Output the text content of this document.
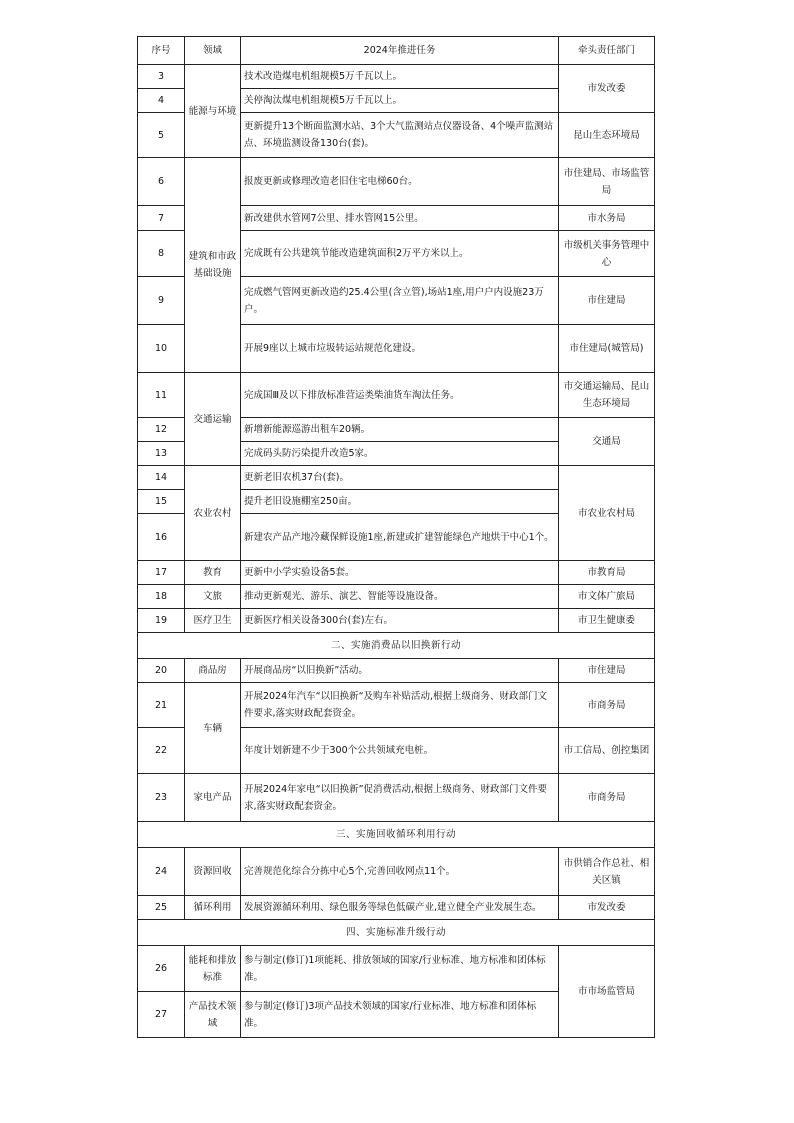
序号	领域	2024年推进任务	牵头责任部门
3	能源与环境	技术改造煤电机组规模5万千瓦以上。	市发改委
4		关停淘汰煤电机组规模5万千瓦以上。	
5		更新提升13个断面监测水站、3个大气监测站点仪器设备、4个噪声监测站点、环境监测设备130台(套)。	昆山生态环境局
6	建筑和市政基础设施	报废更新或修理改造老旧住宅电梯60台。	市住建局、市场监管局
7		新改建供水管网7公里、排水管网15公里。	市水务局
8		完成既有公共建筑节能改造建筑面积2万平方米以上。	市级机关事务管理中心
9		完成燃气管网更新改造约25.4公里(含立管),场站1座,用户户内设施23万户。	市住建局
10		开展9座以上城市垃圾转运站规范化建设。	市住建局(城管局)
11	交通运输	完成国Ⅲ及以下排放标准营运类柴油货车淘汰任务。	市交通运输局、昆山生态环境局
12		新增新能源巡游出租车20辆。	交通局
13		完成码头防污染提升改造5家。	
14	农业农村	更新老旧农机37台(套)。	市农业农村局
15		提升老旧设施棚室250亩。	
16		新建农产品产地冷藏保鲜设施1座,新建或扩建智能绿色产地烘干中心1个。	
17	教育	更新中小学实验设备5套。	市教育局
18	文旅	推动更新观光、游乐、演艺、智能等设施设备。	市文体广旅局
19	医疗卫生	更新医疗相关设备300台(套)左右。	市卫生健康委
二、实施消费品以旧换新行动			
20	商品房	开展商品房“以旧换新”活动。	市住建局
21	车辆	开展2024年汽车“以旧换新“及购车补贴活动,根据上级商务、财政部门文件要求,落实财政配套资金。	市商务局
22		年度计划新建不少于300个公共领域充电桩。	市工信局、创控集团
23	家电产品	开展2024年家电“以旧换新”促消费活动,根据上级商务、财政部门文件要求,落实财政配套资金。	市商务局
三、实施回收循环利用行动			
24	资源回收	完善规范化综合分拣中心5个,完善回收网点11个。	市供销合作总社、相关区镇
25	循环利用	发展资源循环利用、绿色服务等绿色低碳产业,建立健全产业发展生态。	市发改委
四、实施标准升级行动			
26	能耗和排放标准	参与制定(修订)1项能耗、排放领域的国家/行业标准、地方标准和团体标准。	市市场监管局
27	产品技术领域	参与制定(修订)3项产品技术领域的国家/行业标准、地方标准和团体标准。	
